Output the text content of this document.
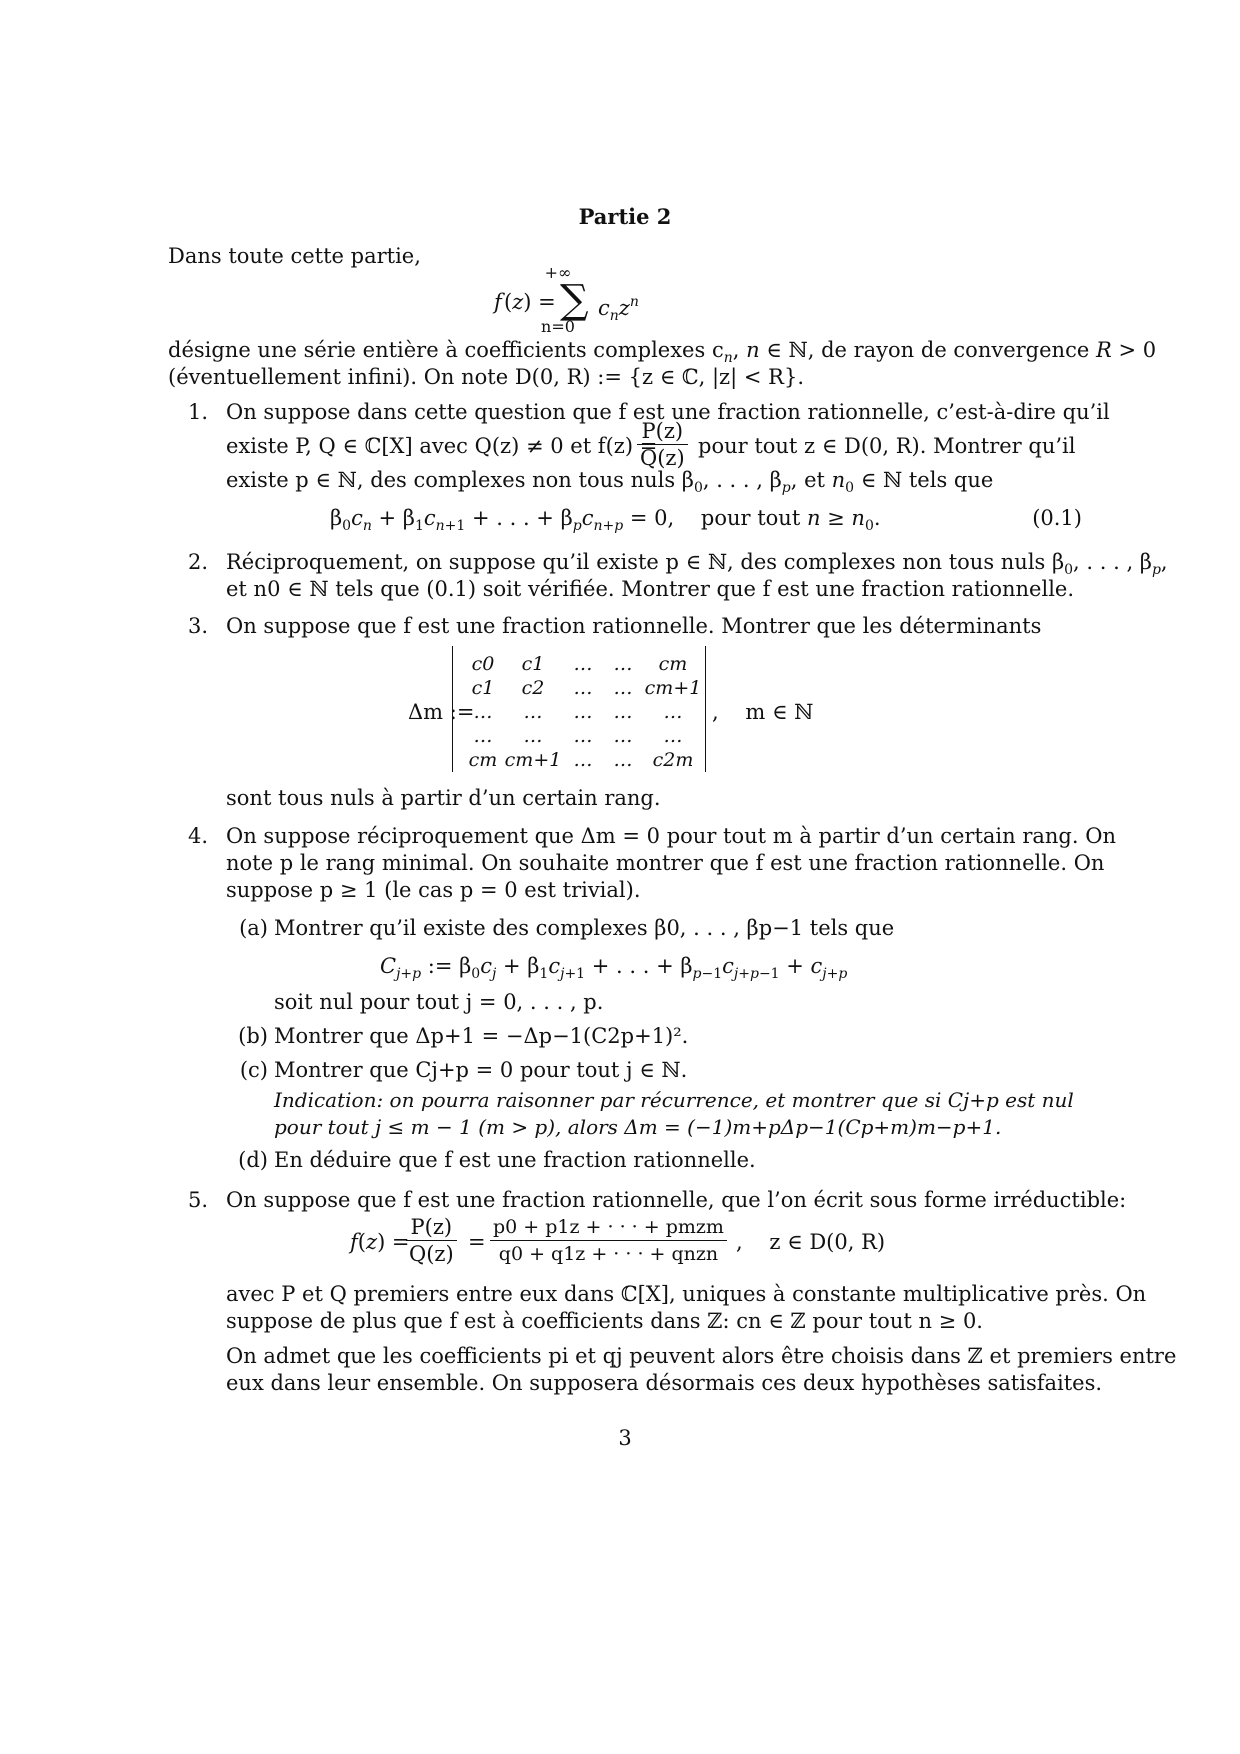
Partie 2
Dans toute cette partie,
+∞
f (z) = ∑ $c_nz^n$
n=0
désigne une série entière à coefficients complexes $c_n$, n ∈ ℕ, de rayon de convergence R > 0
(éventuellement infini). On note D(0, R) := {z ∈ ℂ, |z| < R}.
1. On suppose dans cette question que f est une fraction rationnelle, c’est-à-dire qu’il
existe P, Q ∈ ℂ[X] avec Q(z) ≠ 0 et f(z) =
$\frac{P(z)}{Q(z)}$ pour tout z ∈ D(0, R). Montrer qu’il
existe p ∈ ℕ, des complexes non tous nuls $\beta_0$, . . . , $\beta_p$, et $n_0$ ∈ ℕ tels que
$\beta_0c_n + \beta_1c_{n+1}$ + . . . + $\beta_pc_{n+p} = 0$,    pour tout $n \ge n_0$.	(0.1)
2. Réciproquement, on suppose qu’il existe p ∈ ℕ, des complexes non tous nuls $\beta_0$, . . . , $\beta_p$,
et n0 ∈ ℕ tels que (0.1) soit vérifiée. Montrer que f est une fraction rationnelle.
3. On suppose que f est une fraction rationnelle. Montrer que les déterminants
Δm :=
c0	c1	…	…	cm
c1	c2	…	… cm+1
…	…	…	…	…
…	…	…	…	…
cm cm+1 …	…	c2m
,    m ∈ ℕ
sont tous nuls à partir d’un certain rang.
4. On suppose réciproquement que Δm = 0 pour tout m à partir d’un certain rang. On
note p le rang minimal. On souhaite montrer que f est une fraction rationnelle. On
suppose p ≥ 1 (le cas p = 0 est trivial).
(a) Montrer qu’il existe des complexes β0, . . . , βp−1 tels que
$C_{j+p}$ := $\beta_0c_j + \beta_1c_{j+1}$ + . . . + $\beta_{p-1}c_{j+p-1} + c_{j+p}$
soit nul pour tout j = 0, . . . , p.
(b) Montrer que Δp+1 = −Δp−1(C2p+1)².
(c) Montrer que Cj+p = 0 pour tout j ∈ ℕ.
Indication: on pourra raisonner par récurrence, et montrer que si Cj+p est nul
pour tout j ≤ m − 1 (m > p), alors Δm = (−1)m+pΔp−1(Cp+m)m−p+1.
(d) En déduire que f est une fraction rationnelle.
5. On suppose que f est une fraction rationnelle, que l’on écrit sous forme irréductible:
f(z) =
$\frac{P(z)}{Q(z)}$ =
p0 + p1z + · · · + pmzm
q0 + q1z + · · · + qnzn ,    z ∈ D(0, R)
avec P et Q premiers entre eux dans ℂ[X], uniques à constante multiplicative près. On
suppose de plus que f est à coefficients dans ℤ: cn ∈ ℤ pour tout n ≥ 0.
On admet que les coefficients pi et qj peuvent alors être choisis dans ℤ et premiers entre
eux dans leur ensemble. On supposera désormais ces deux hypothèses satisfaites.
3
